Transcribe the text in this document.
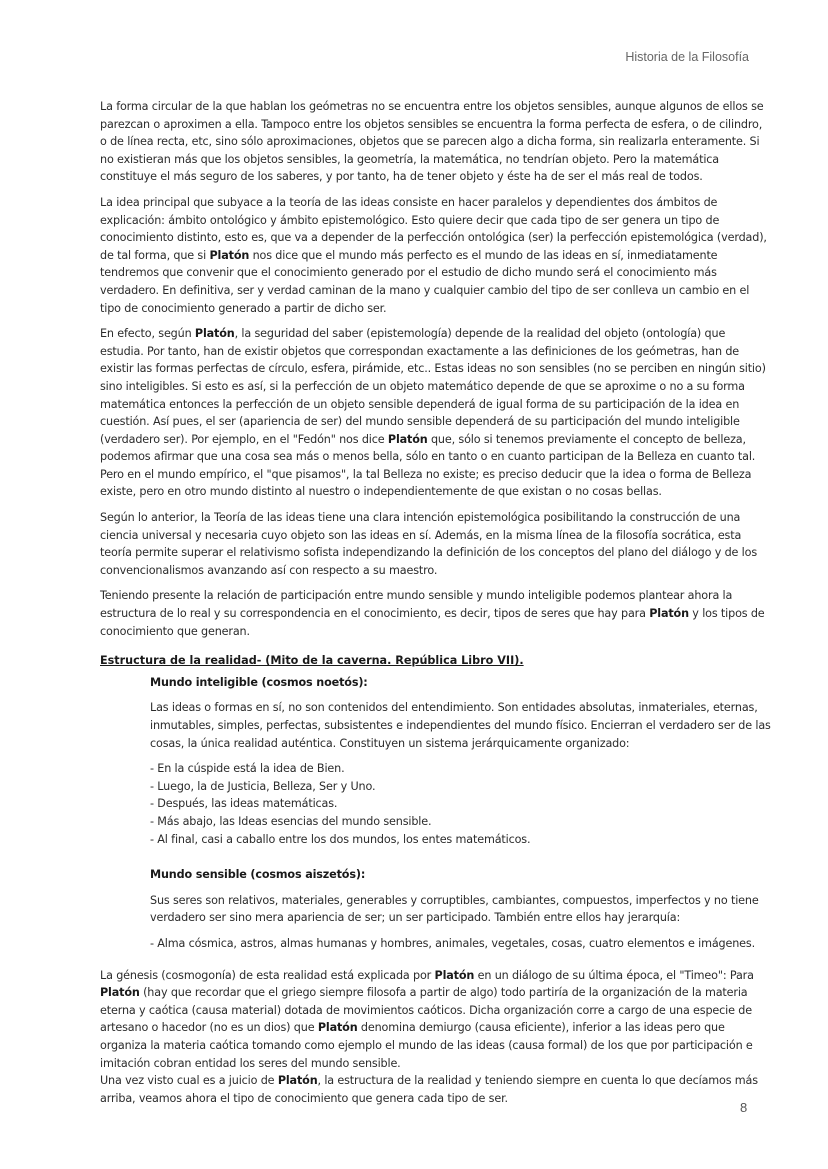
Historia de la Filosofía

La forma circular de la que hablan los geómetras no se encuentra entre los objetos sensibles, aunque algunos de ellos se parezcan o aproximen a ella. Tampoco entre los objetos sensibles se encuentra la forma perfecta de esfera, o de cilindro, o de línea recta, etc, sino sólo aproximaciones, objetos que se parecen algo a dicha forma, sin realizarla enteramente. Si no existieran más que los objetos sensibles, la geometría, la matemática, no tendrían objeto. Pero la matemática constituye el más seguro de los saberes, y por tanto, ha de tener objeto y éste ha de ser el más real de todos.

La idea principal que subyace a la teoría de las ideas consiste en hacer paralelos y dependientes dos ámbitos de explicación: ámbito ontológico y ámbito epistemológico. Esto quiere decir que cada tipo de ser genera un tipo de conocimiento distinto, esto es, que va a depender de la perfección ontológica (ser) la perfección epistemológica (verdad), de tal forma, que si Platón nos dice que el mundo más perfecto es el mundo de las ideas en sí, inmediatamente tendremos que convenir que el conocimiento generado por el estudio de dicho mundo será el conocimiento más verdadero. En definitiva, ser y verdad caminan de la mano y cualquier cambio del tipo de ser conlleva un cambio en el tipo de conocimiento generado a partir de dicho ser.

En efecto, según Platón, la seguridad del saber (epistemología) depende de la realidad del objeto (ontología) que estudia. Por tanto, han de existir objetos que correspondan exactamente a las definiciones de los geómetras, han de existir las formas perfectas de círculo, esfera, pirámide, etc.. Estas ideas no son sensibles (no se perciben en ningún sitio) sino inteligibles. Si esto es así, si la perfección de un objeto matemático depende de que se aproxime o no a su forma matemática entonces la perfección de un objeto sensible dependerá de igual forma de su participación de la idea en cuestión. Así pues, el ser (apariencia de ser) del mundo sensible dependerá de su participación del mundo inteligible (verdadero ser). Por ejemplo, en el "Fedón" nos dice Platón que, sólo si tenemos previamente el concepto de belleza, podemos afirmar que una cosa sea más o menos bella, sólo en tanto o en cuanto participan de la Belleza en cuanto tal. Pero en el mundo empírico, el "que pisamos", la tal Belleza no existe; es preciso deducir que la idea o forma de Belleza existe, pero en otro mundo distinto al nuestro o independientemente de que existan o no cosas bellas.

Según lo anterior, la Teoría de las ideas tiene una clara intención epistemológica posibilitando la construcción de una ciencia universal y necesaria cuyo objeto son las ideas en sí. Además, en la misma línea de la filosofía socrática, esta teoría permite superar el relativismo sofista independizando la definición de los conceptos del plano del diálogo y de los convencionalismos avanzando así con respecto a su maestro.

Teniendo presente la relación de participación entre mundo sensible y mundo inteligible podemos plantear ahora la estructura de lo real y su correspondencia en el conocimiento, es decir, tipos de seres que hay para Platón y los tipos de conocimiento que generan.

Estructura de la realidad- (Mito de la caverna. República Libro VII).

Mundo inteligible (cosmos noetós):

Las ideas o formas en sí, no son contenidos del entendimiento. Son entidades absolutas, inmateriales, eternas, inmutables, simples, perfectas, subsistentes e independientes del mundo físico. Encierran el verdadero ser de las cosas, la única realidad auténtica. Constituyen un sistema jerárquicamente organizado:

- En la cúspide está la idea de Bien.
- Luego, la de Justicia, Belleza, Ser y Uno.
- Después, las ideas matemáticas.
- Más abajo, las Ideas esencias del mundo sensible.
- Al final, casi a caballo entre los dos mundos, los entes matemáticos.

Mundo sensible (cosmos aiszetós):

Sus seres son relativos, materiales, generables y corruptibles, cambiantes, compuestos, imperfectos y no tiene verdadero ser sino mera apariencia de ser; un ser participado. También entre ellos hay jerarquía:

- Alma cósmica, astros, almas humanas y hombres, animales, vegetales, cosas, cuatro elementos e imágenes.

La génesis (cosmogonía) de esta realidad está explicada por Platón en un diálogo de su última época, el "Timeo": Para Platón (hay que recordar que el griego siempre filosofa a partir de algo) todo partiría de la organización de la materia eterna y caótica (causa material) dotada de movimientos caóticos. Dicha organización corre a cargo de una especie de artesano o hacedor (no es un dios) que Platón denomina demiurgo (causa eficiente), inferior a las ideas pero que organiza la materia caótica tomando como ejemplo el mundo de las ideas (causa formal) de los que por participación e imitación cobran entidad los seres del mundo sensible.

Una vez visto cual es a juicio de Platón, la estructura de la realidad y teniendo siempre en cuenta lo que decíamos más arriba, veamos ahora el tipo de conocimiento que genera cada tipo de ser.

8
